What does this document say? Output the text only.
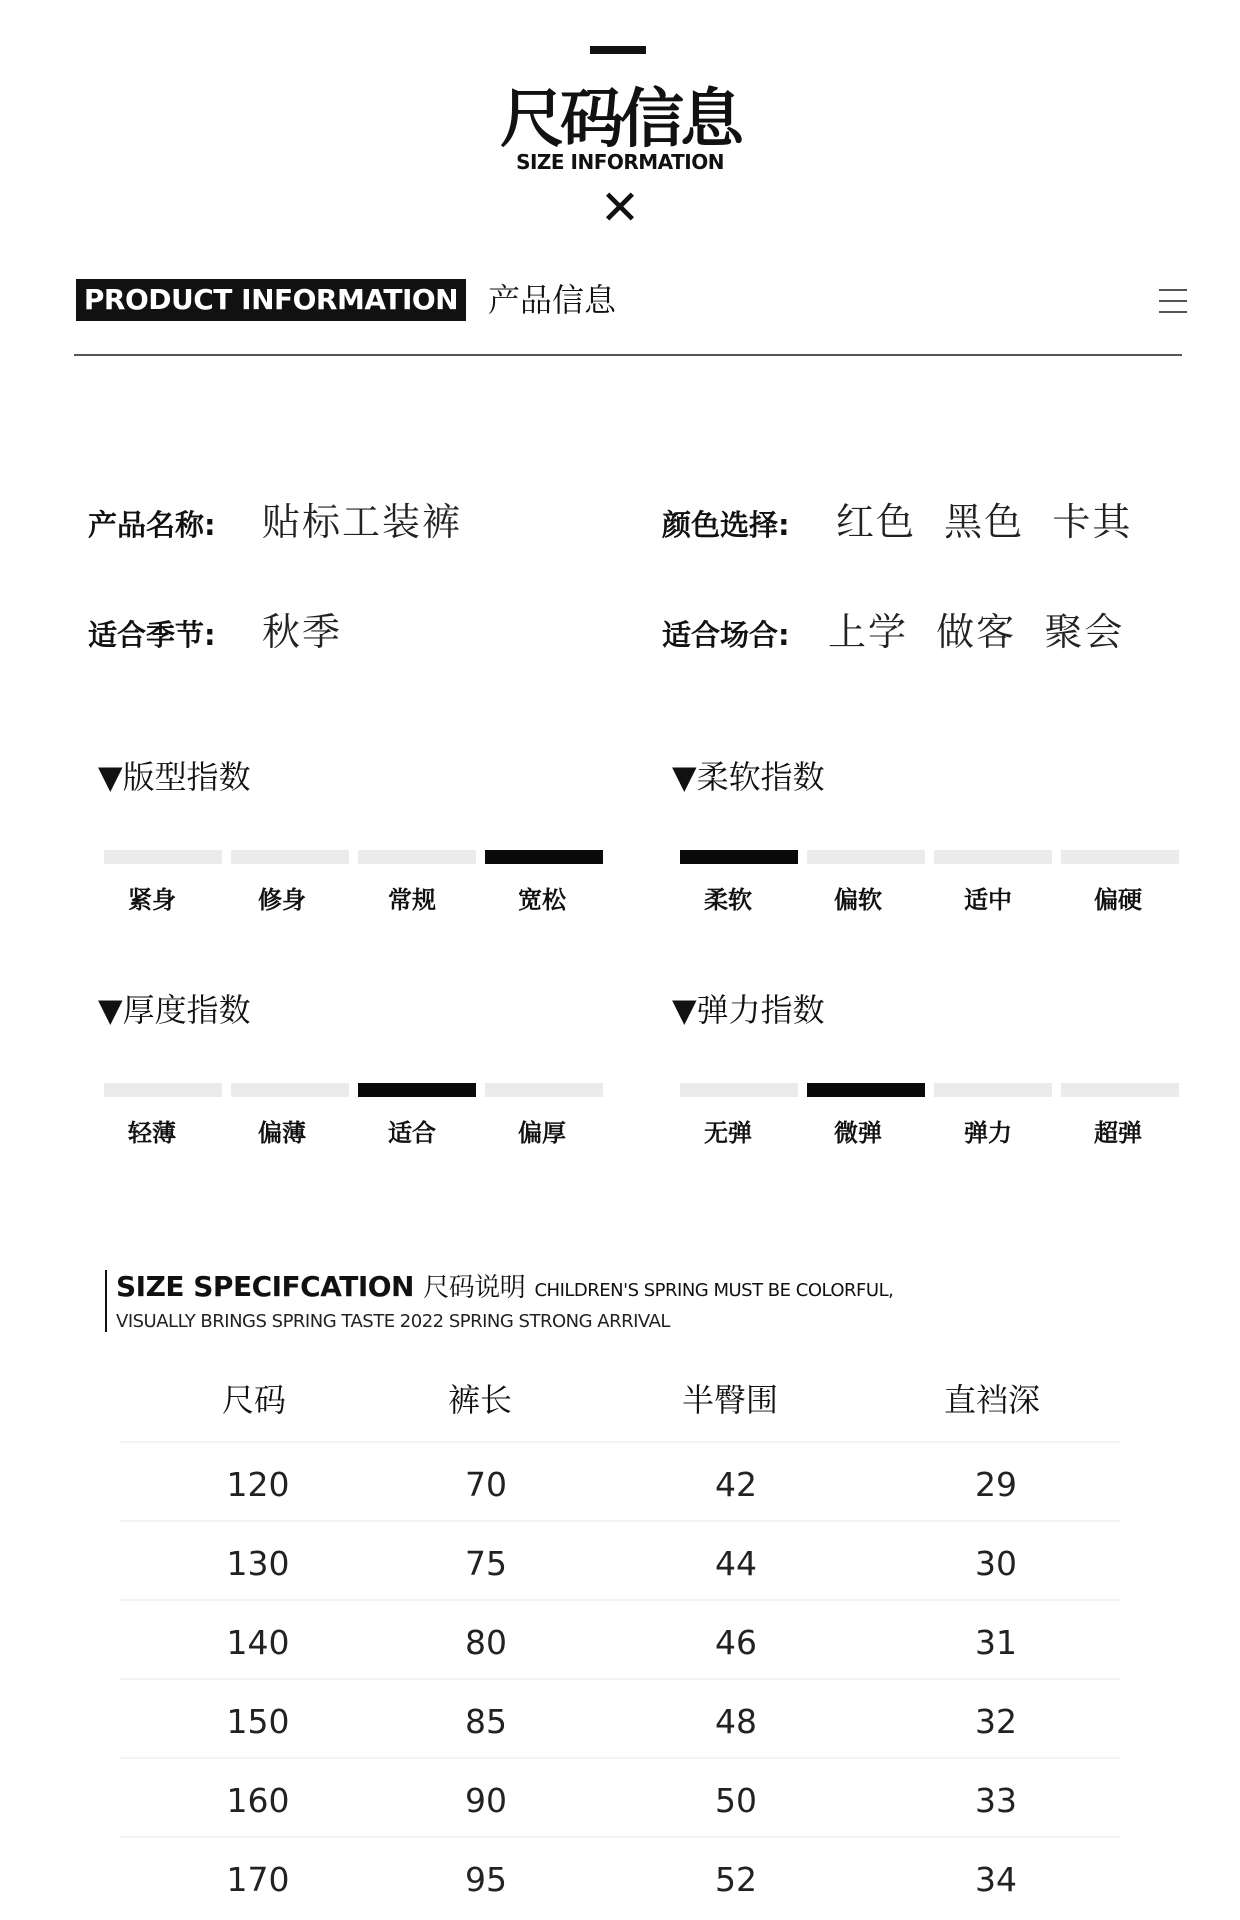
尺码信息
SIZE INFORMATION
✕
PRODUCT INFORMATION 产品信息
产品名称: 贴标工装裤	颜色选择: 红色  黑色  卡其
适合季节: 秋季	适合场合: 上学  做客  聚会
▼版型指数
紧身	修身	常规	宽松
▼柔软指数
柔软	偏软	适中	偏硬
▼厚度指数
轻薄	偏薄	适合	偏厚
▼弹力指数
无弹	微弹	弹力	超弹
SIZE SPECIFCATION 尺码说明 CHILDREN'S SPRING MUST BE COLORFUL,
VISUALLY BRINGS SPRING TASTE 2022 SPRING STRONG ARRIVAL
尺码	裤长	半臀围	直裆深
120	70	42	29
130	75	44	30
140	80	46	31
150	85	48	32
160	90	50	33
170	95	52	34
